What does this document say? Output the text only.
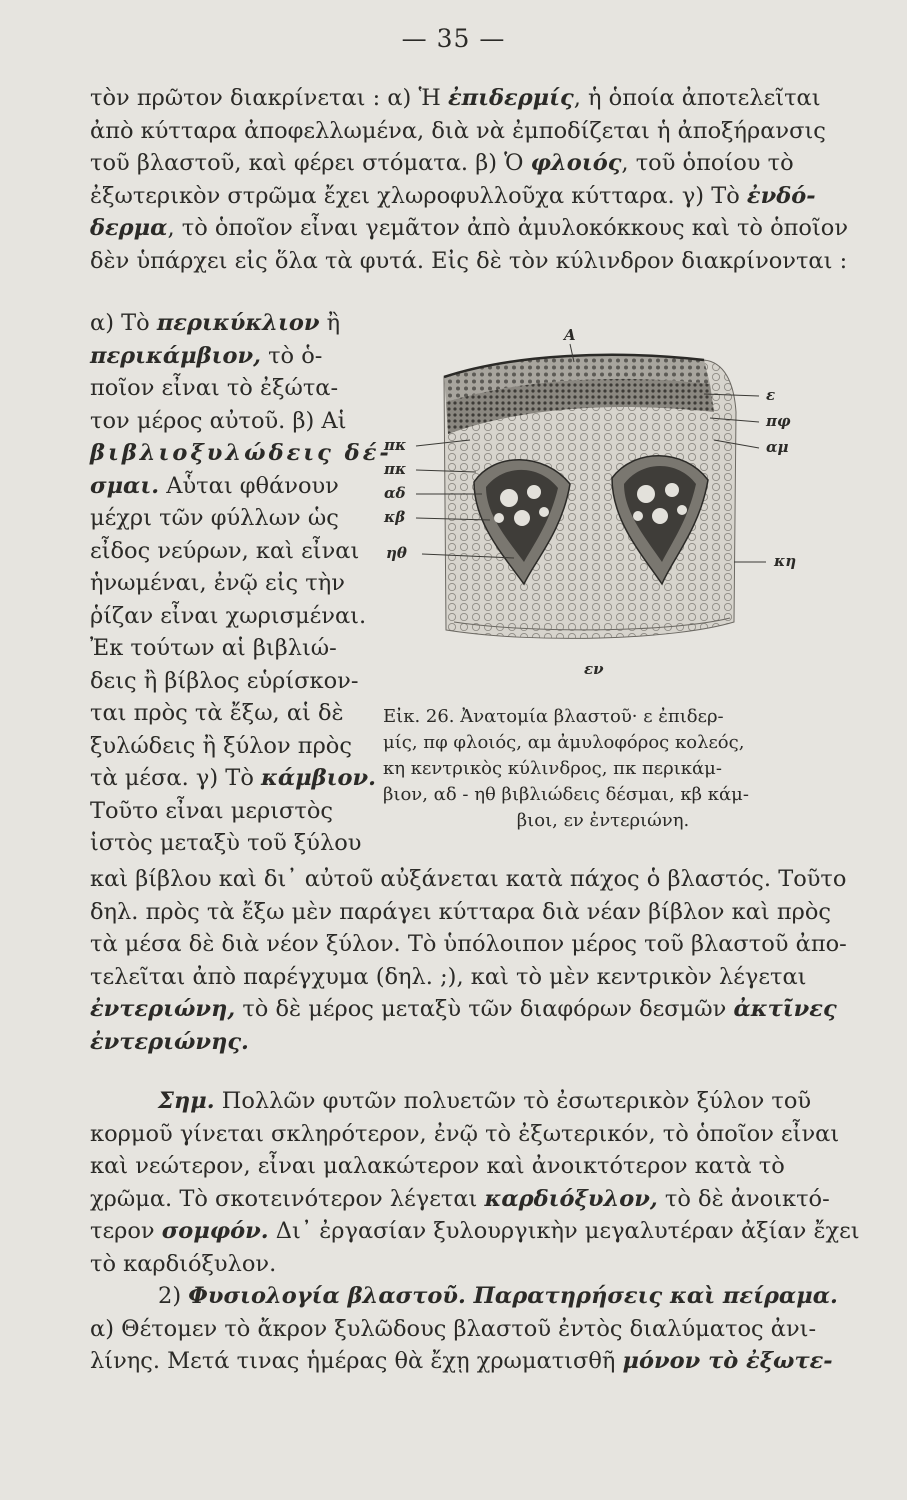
— 35 —

τὸν πρῶτον διακρίνεται : α) Ἡ ἐπιδερμίς, ἡ ὁποία ἀποτελεῖται
ἀπὸ κύτταρα ἀποφελλωμένα, διὰ νὰ ἐμποδίζεται ἡ ἀποξήρανσις
τοῦ βλαστοῦ, καὶ φέρει στόματα. β) Ὁ φλοιός, τοῦ ὁποίου τὸ
ἐξωτερικὸν στρῶμα ἔχει χλωροφυλλοῦχα κύτταρα. γ) Τὸ ἐνδό-
δερμα, τὸ ὁποῖον εἶναι γεμᾶτον ἀπὸ ἀμυλοκόκκους καὶ τὸ ὁποῖον
δὲν ὑπάρχει εἰς ὅλα τὰ φυτά. Εἰς δὲ τὸν κύλινδρον διακρίνονται :

α) Τὸ περικύκλιον ἢ
περικάμβιον, τὸ ὁ-
ποῖον εἶναι τὸ ἐξώτα-
τον μέρος αὐτοῦ. β) Αἱ
βιβλιοξυλώδεις δέ-
σμαι. Αὗται φθάνουν
μέχρι τῶν φύλλων ὡς
εἶδος νεύρων, καὶ εἶναι
ἡνωμέναι, ἐνῷ εἰς τὴν
ῥίζαν εἶναι χωρισμέναι.
Ἐκ τούτων αἱ βιβλιώ-
δεις ἢ βίβλος εὑρίσκον-
ται πρὸς τὰ ἔξω, αἱ δὲ
ξυλώδεις ἢ ξύλον πρὸς
τὰ μέσα. γ) Τὸ κάμβιον.
Τοῦτο εἶναι μεριστὸς
ἱστὸς μεταξὺ τοῦ ξύλου

Α
ε
πφ
αμ
κη
πκ
πκ
αδ
κβ
ηθ
εν

Εἰκ. 26. Ἀνατομία βλαστοῦ· ε ἐπιδερ-
μίς, πφ φλοιός, αμ ἀμυλοφόρος κολεός,
κη κεντρικὸς κύλινδρος, πκ περικάμ-
βιον, αδ - ηθ βιβλιώδεις δέσμαι, κβ κάμ-
βιοι, εν ἐντεριώνη.

καὶ βίβλου καὶ δι᾿ αὐτοῦ αὐξάνεται κατὰ πάχος ὁ βλαστός. Τοῦτο
δηλ. πρὸς τὰ ἔξω μὲν παράγει κύτταρα διὰ νέαν βίβλον καὶ πρὸς
τὰ μέσα δὲ διὰ νέον ξύλον. Τὸ ὑπόλοιπον μέρος τοῦ βλαστοῦ ἀπο-
τελεῖται ἀπὸ παρέγχυμα (δηλ. ;), καὶ τὸ μὲν κεντρικὸν λέγεται
ἐντεριώνη, τὸ δὲ μέρος μεταξὺ τῶν διαφόρων δεσμῶν ἀκτῖνες
ἐντεριώνης.

Σημ. Πολλῶν φυτῶν πολυετῶν τὸ ἐσωτερικὸν ξύλον τοῦ
κορμοῦ γίνεται σκληρότερον, ἐνῷ τὸ ἐξωτερικόν, τὸ ὁποῖον εἶναι
καὶ νεώτερον, εἶναι μαλακώτερον καὶ ἀνοικτότερον κατὰ τὸ
χρῶμα. Τὸ σκοτεινότερον λέγεται καρδιόξυλον, τὸ δὲ ἀνοικτό-
τερον σομφόν. Δι᾿ ἐργασίαν ξυλουργικὴν μεγαλυτέραν ἀξίαν ἔχει
τὸ καρδιόξυλον.

2) Φυσιολογία βλαστοῦ. Παρατηρήσεις καὶ πείραμα.
α) Θέτομεν τὸ ἄκρον ξυλῶδους βλαστοῦ ἐντὸς διαλύματος ἀνι-
λίνης. Μετά τινας ἡμέρας θὰ ἔχῃ χρωματισθῆ μόνον τὸ ἐξωτε-
